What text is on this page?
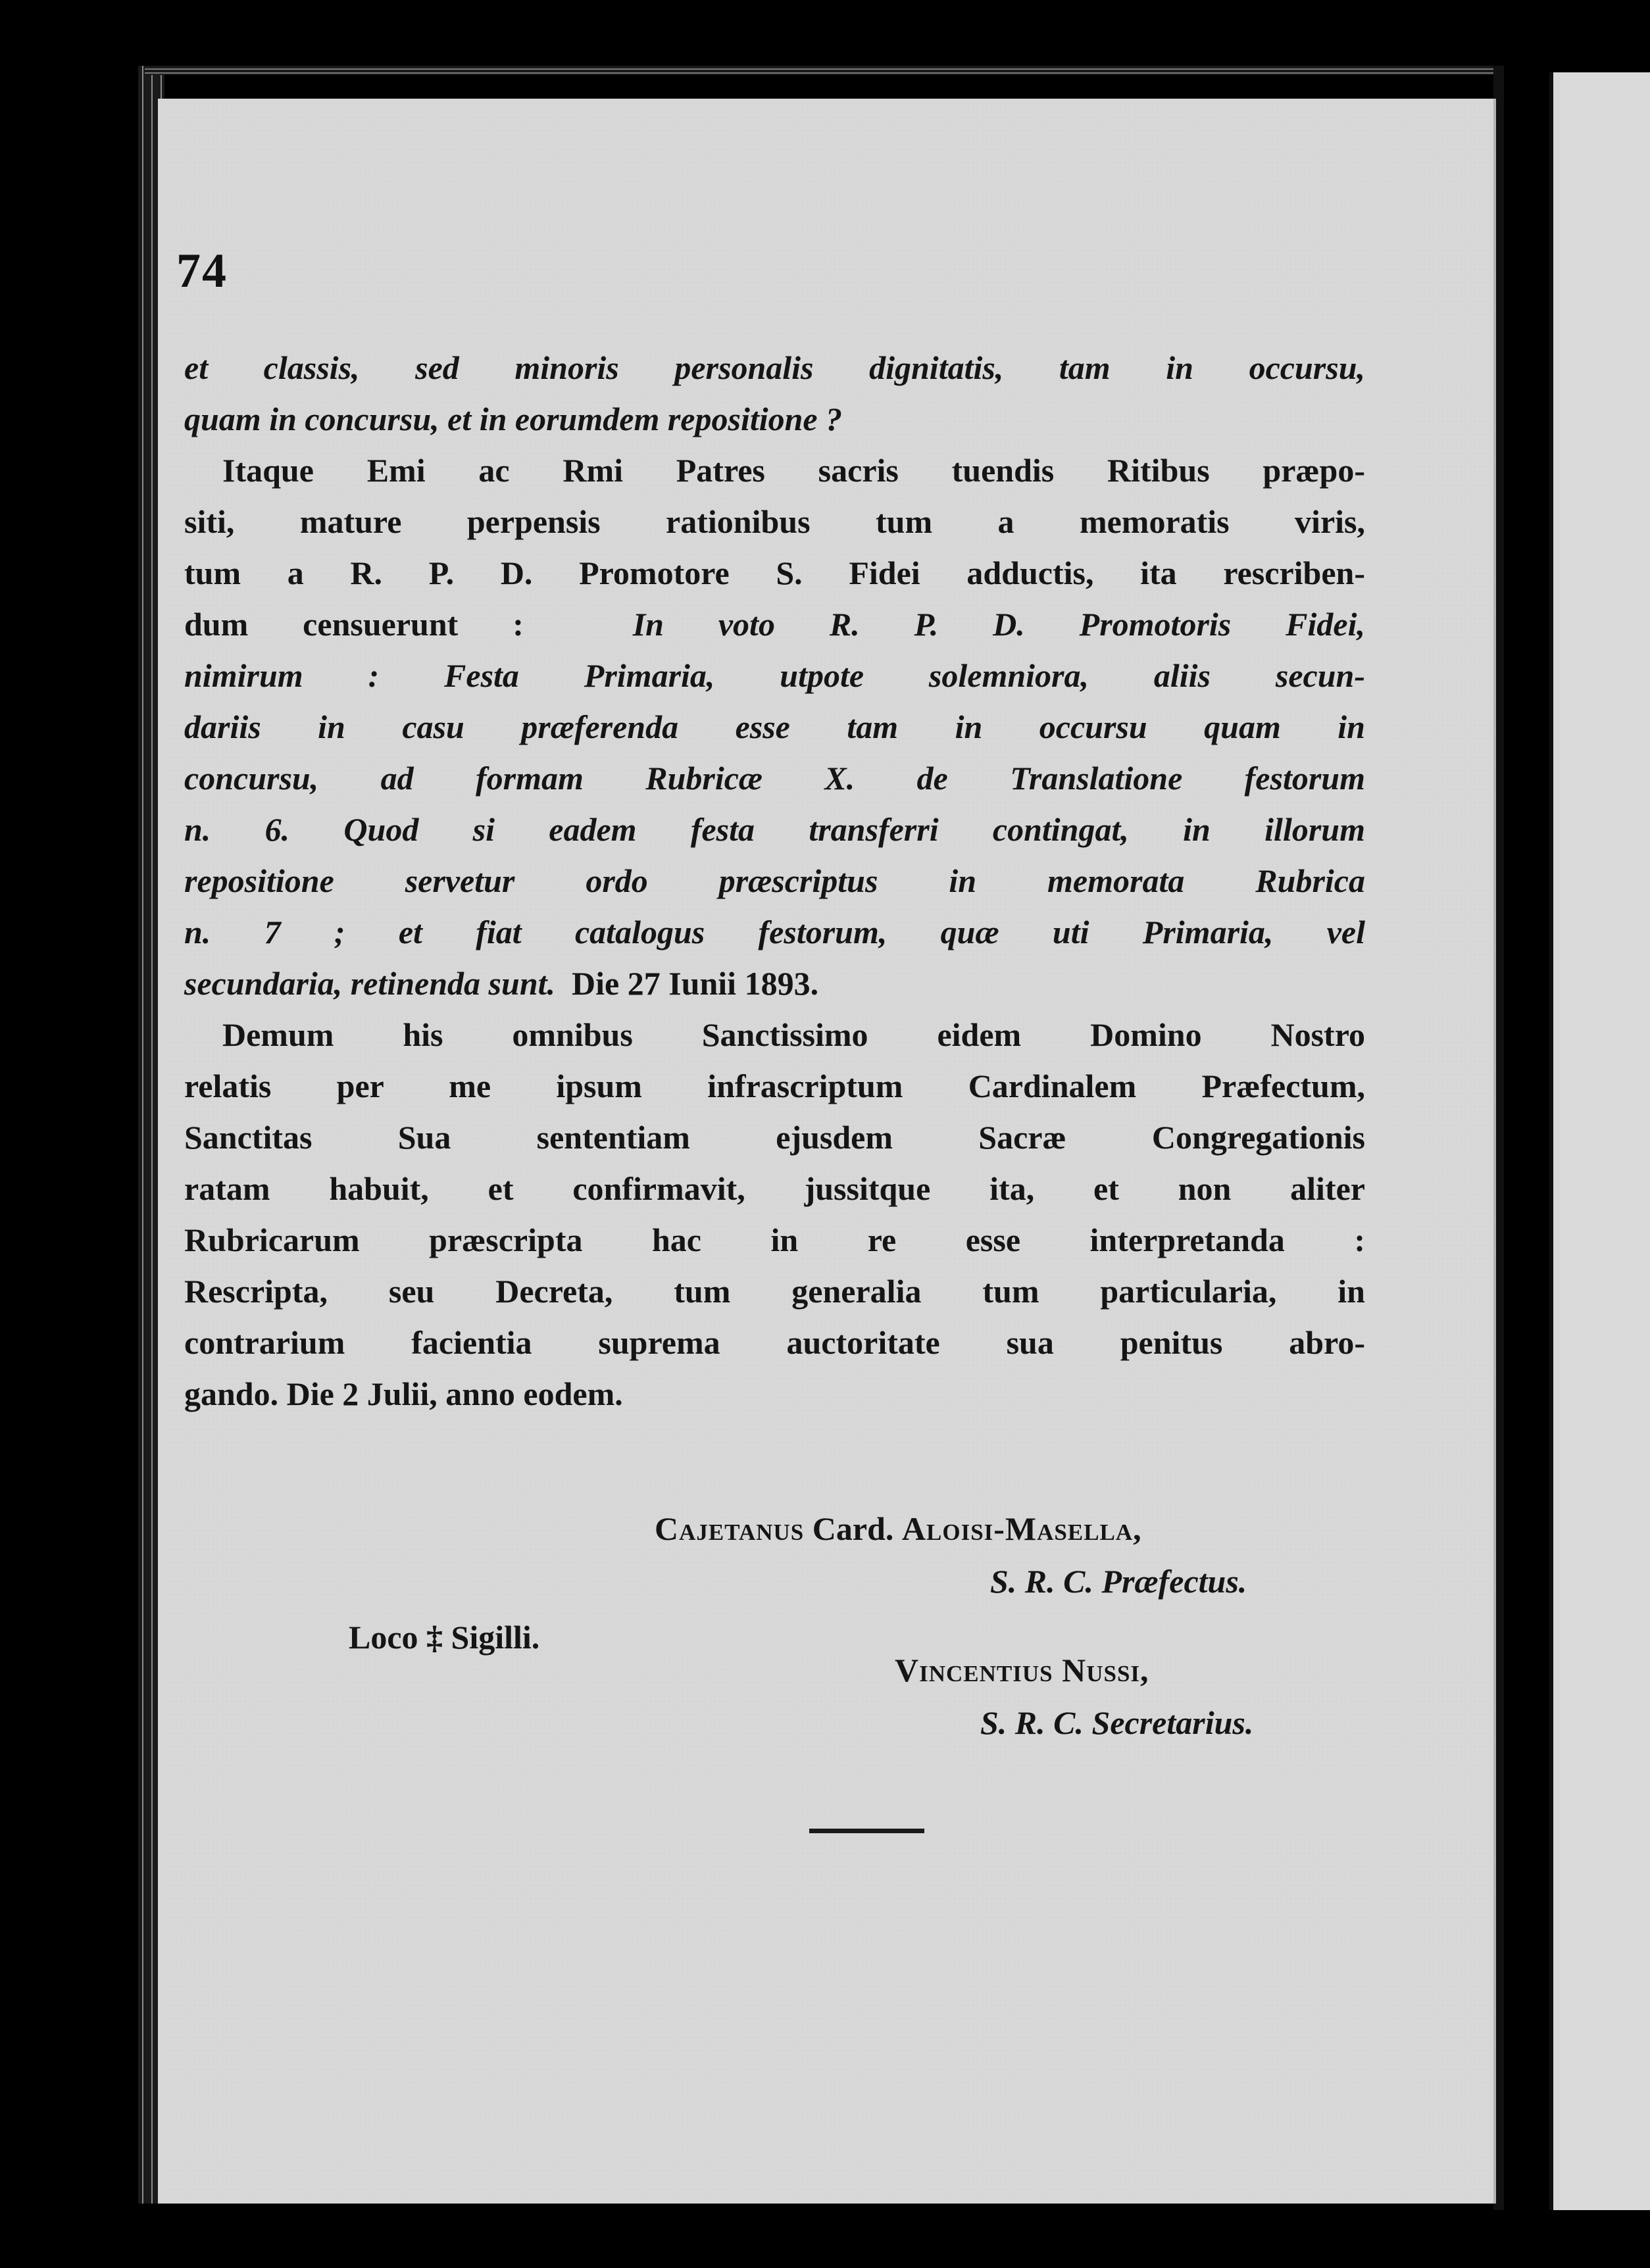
74
et classis, sed minoris personalis dignitatis, tam in occursu,
quam in concursu, et in eorumdem repositione ?
Itaque Emi ac Rmi Patres sacris tuendis Ritibus præpo-
siti, mature perpensis rationibus tum a memoratis viris,
tum a R. P. D. Promotore S. Fidei adductis, ita rescriben-
dum censuerunt :	In voto R. P. D. Promotoris Fidei,
nimirum : Festa Primaria, utpote solemniora, aliis secun-
dariis in casu præferenda esse tam in occursu quam in
concursu, ad formam Rubricæ X. de Translatione festorum
n. 6. Quod si eadem festa transferri contingat, in illorum
repositione servetur ordo præscriptus in memorata Rubrica
n. 7 ; et fiat catalogus festorum, quæ uti Primaria, vel
secundaria, retinenda sunt. Die 27 Iunii 1893.
Demum his omnibus Sanctissimo eidem Domino Nostro
relatis per me ipsum infrascriptum Cardinalem Præfectum,
Sanctitas Sua sententiam ejusdem Sacræ Congregationis
ratam habuit, et confirmavit, jussitque ita, et non aliter
Rubricarum præscripta hac in re esse interpretanda :
Rescripta, seu Decreta, tum generalia tum particularia, in
contrarium facientia suprema auctoritate sua penitus abro-
gando. Die 2 Julii, anno eodem.
Cajetanus Card. Aloisi-Masella,
S. R. C. Præfectus.
Loco ‡ Sigilli.
Vincentius Nussi,
S. R. C. Secretarius.
